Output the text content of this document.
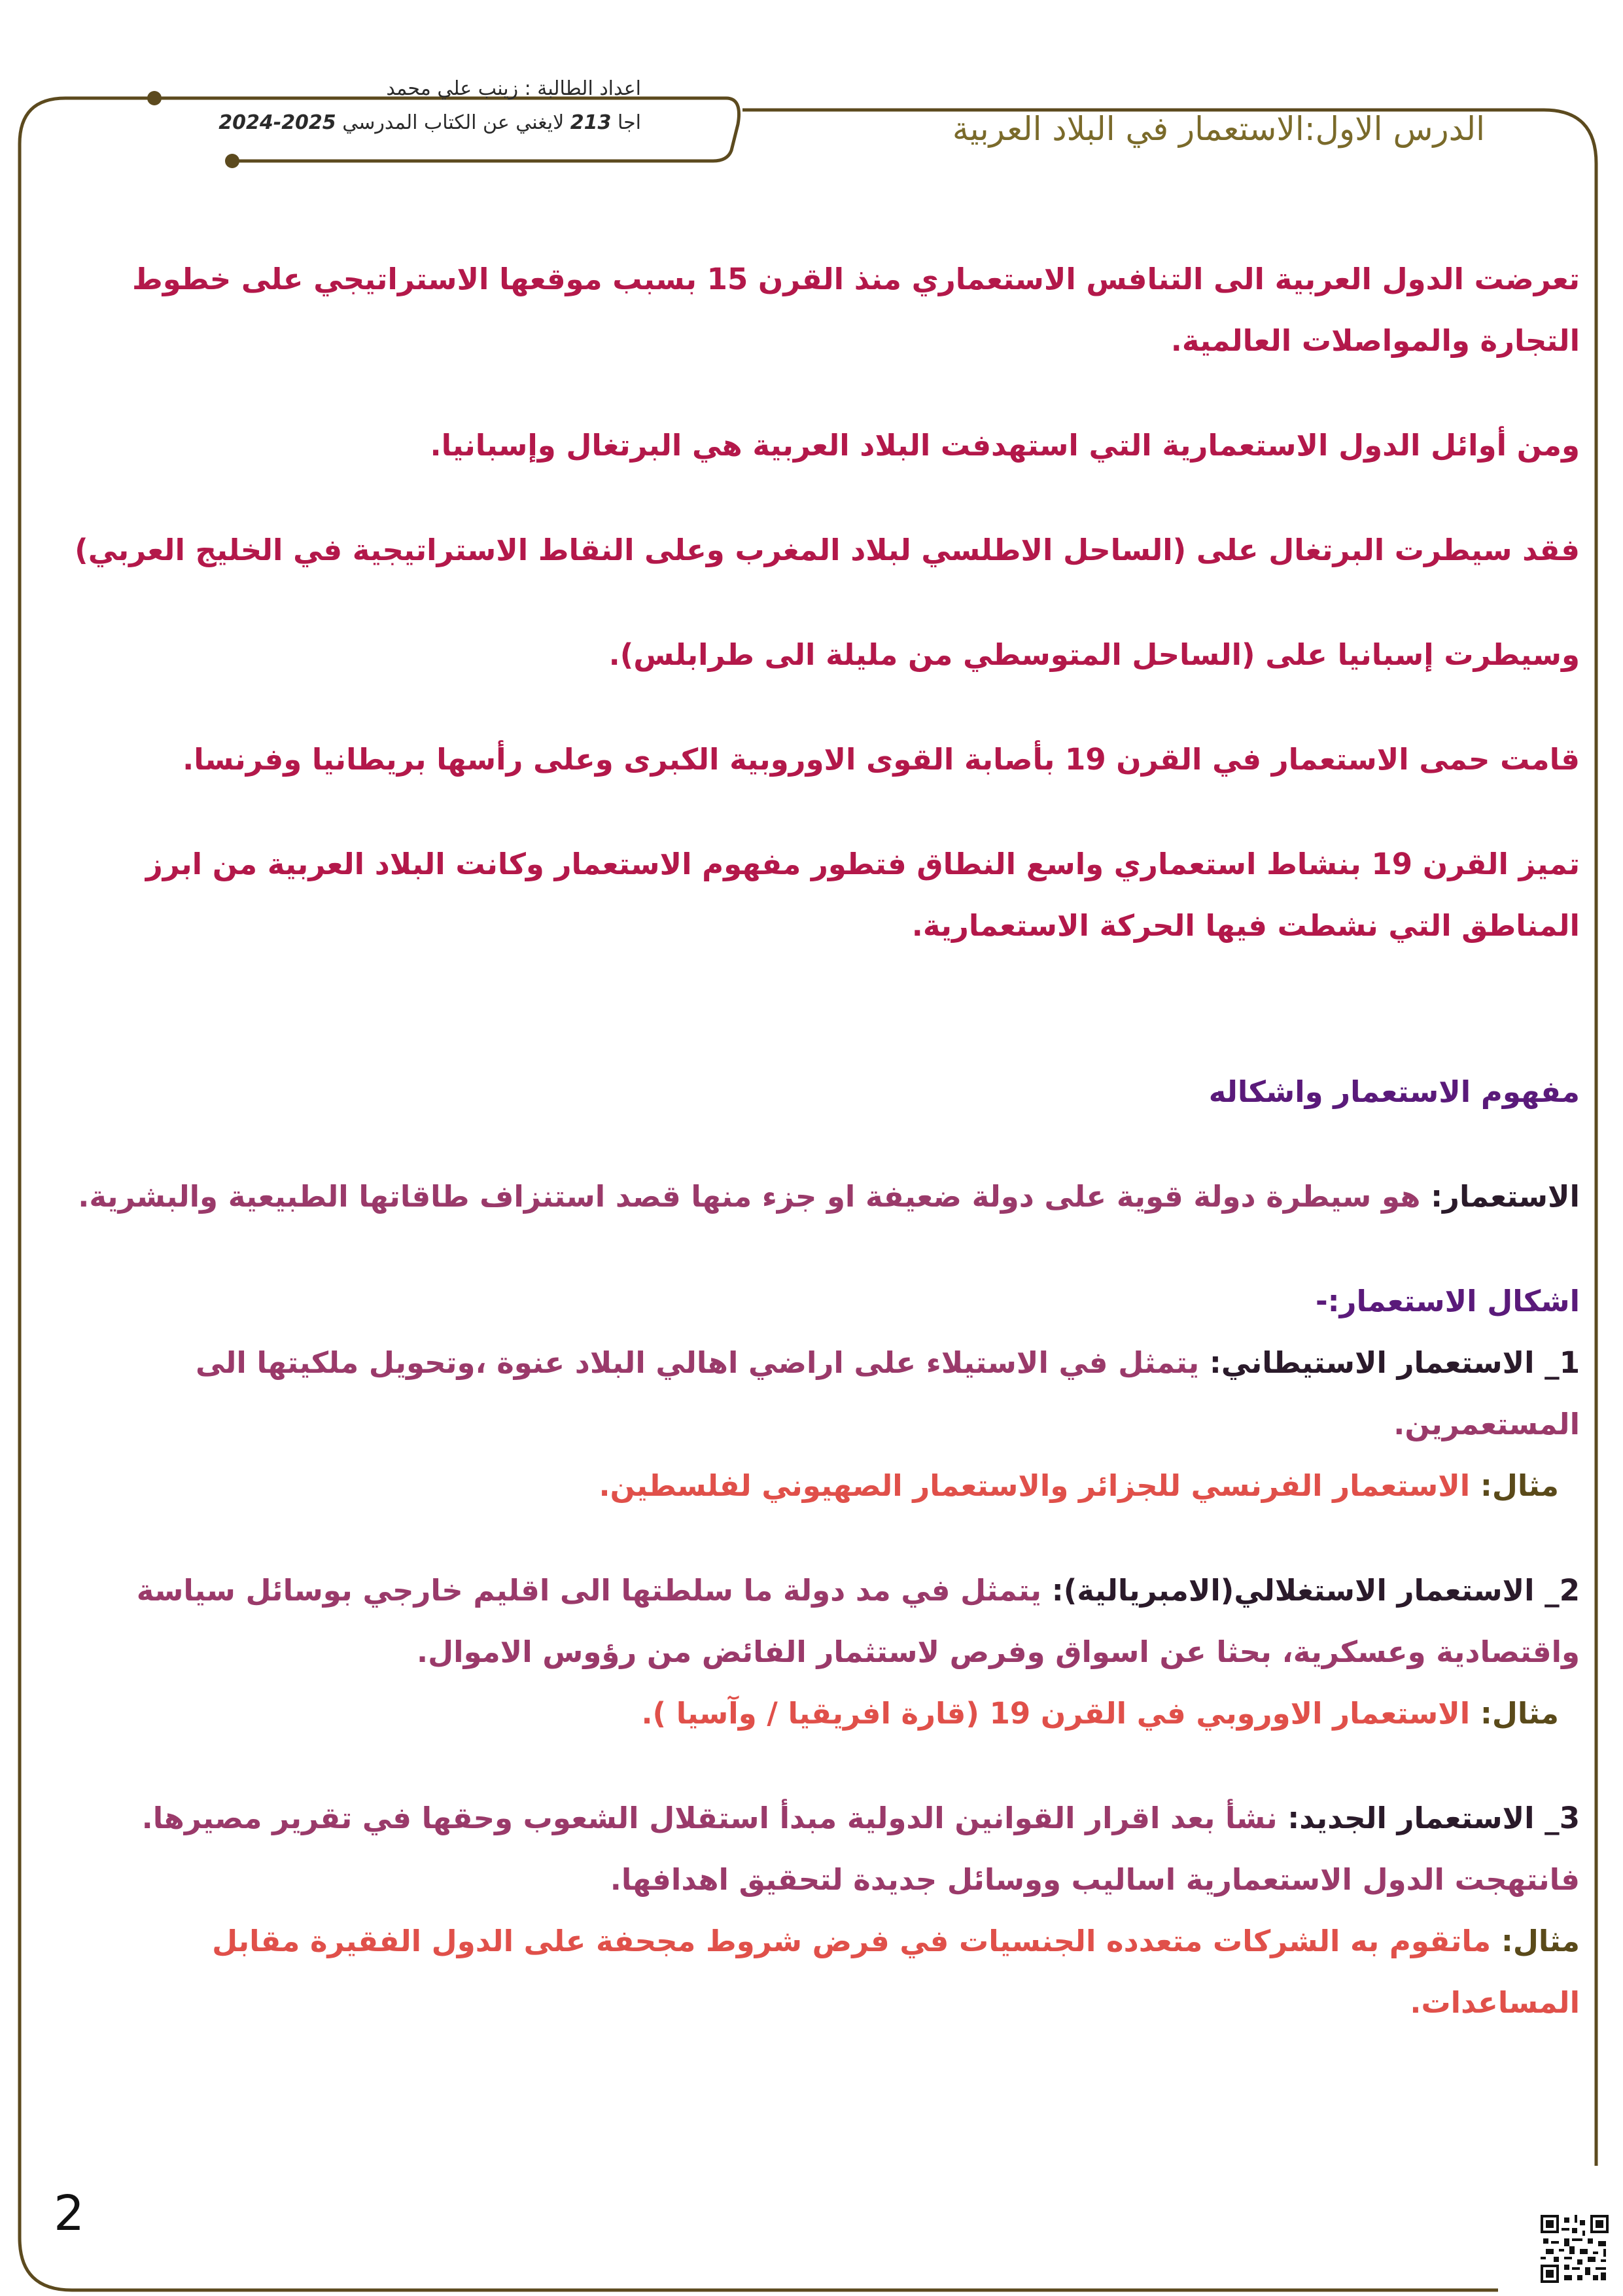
اعداد الطالبة : زينب علي محمد
اجا 213 لايغني عن الكتاب المدرسي 2025-2024	الدرس الاول:الاستعمار في البلاد العربية

تعرضت الدول العربية الى التنافس الاستعماري منذ القرن 15 بسبب موقعها الاستراتيجي على خطوط التجارة والمواصلات العالمية.

ومن أوائل الدول الاستعمارية التي استهدفت البلاد العربية هي البرتغال وإسبانيا.

فقد سيطرت البرتغال على (الساحل الاطلسي لبلاد المغرب وعلى النقاط الاستراتيجية في الخليج العربي)

وسيطرت إسبانيا على (الساحل المتوسطي من مليلة الى طرابلس).

قامت حمى الاستعمار في القرن 19 بأصابة القوى الاوروبية الكبرى وعلى رأسها بريطانيا وفرنسا.

تميز القرن 19 بنشاط استعماري واسع النطاق فتطور مفهوم الاستعمار وكانت البلاد العربية من ابرز المناطق التي نشطت فيها الحركة الاستعمارية.

مفهوم الاستعمار واشكاله

الاستعمار: هو سيطرة دولة قوية على دولة ضعيفة او جزء منها قصد استنزاف طاقاتها الطبيعية والبشرية.

اشكال الاستعمار:-

1_ الاستعمار الاستيطاني: يتمثل في الاستيلاء على اراضي اهالي البلاد عنوة ،وتحويل ملكيتها الى المستعمرين.

مثال: الاستعمار الفرنسي للجزائر والاستعمار الصهيوني لفلسطين.

2_ الاستعمار الاستغلالي(الامبريالية): يتمثل في مد دولة ما سلطتها الى اقليم خارجي بوسائل سياسة واقتصادية وعسكرية، بحثا عن اسواق وفرص لاستثمار الفائض من رؤوس الاموال.

مثال: الاستعمار الاوروبي في القرن 19 (قارة افريقيا / وآسيا ).

3_ الاستعمار الجديد: نشأ بعد اقرار القوانين الدولية مبدأ استقلال الشعوب وحقها في تقرير مصيرها. فانتهجت الدول الاستعمارية اساليب ووسائل جديدة لتحقيق اهدافها.

مثال: ماتقوم به الشركات متعدده الجنسيات في فرض شروط مجحفة على الدول الفقيرة مقابل المساعدات.

2
